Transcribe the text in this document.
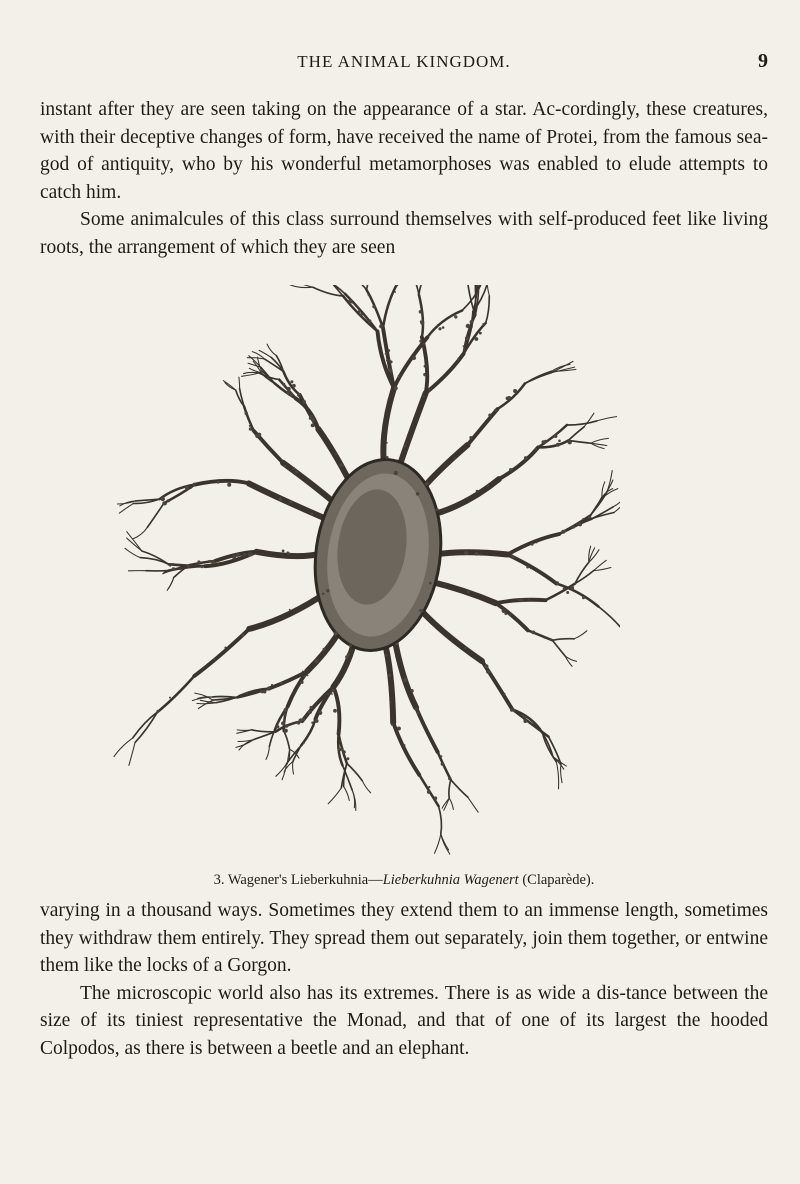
THE ANIMAL KINGDOM.	9

instant after they are seen taking on the appearance of a star. Ac-cordingly, these creatures, with their deceptive changes of form, have received the name of Protei, from the famous sea-god of antiquity, who by his wonderful metamorphoses was enabled to elude attempts to catch him.

Some animalcules of this class surround themselves with self-produced feet like living roots, the arrangement of which they are seen

3. Wagener's Lieberkuhnia—Lieberkuhnia Wagenert (Claparède).

varying in a thousand ways. Sometimes they extend them to an immense length, sometimes they withdraw them entirely. They spread them out separately, join them together, or entwine them like the locks of a Gorgon.

The microscopic world also has its extremes. There is as wide a dis-tance between the size of its tiniest representative the Monad, and that of one of its largest the hooded Colpodos, as there is between a beetle and an elephant.
